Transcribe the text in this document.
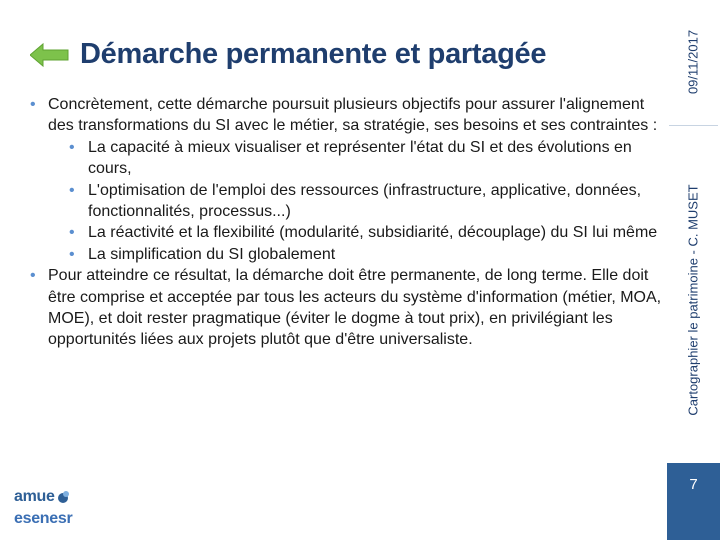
Démarche permanente et partagée
• Concrètement, cette démarche poursuit plusieurs objectifs pour assurer l'alignement des transformations du SI avec le métier, sa stratégie, ses besoins et ses contraintes :
• La capacité à mieux visualiser et représenter l'état du SI et des évolutions en cours,
• L'optimisation de l'emploi des ressources (infrastructure, applicative, données, fonctionnalités, processus...)
• La réactivité et la flexibilité (modularité, subsidiarité, découplage) du SI lui même
• La simplification du SI globalement
• Pour atteindre ce résultat, la démarche doit être permanente, de long terme. Elle doit être comprise et acceptée par tous les acteurs du système d'information (métier, MOA, MOE), et doit rester pragmatique (éviter le dogme à tout prix), en privilégiant les opportunités liées aux projets plutôt que d'être universaliste.
09/11/2017
Cartographier le patrimoine - C. MUSET
7
amue
esenesr
